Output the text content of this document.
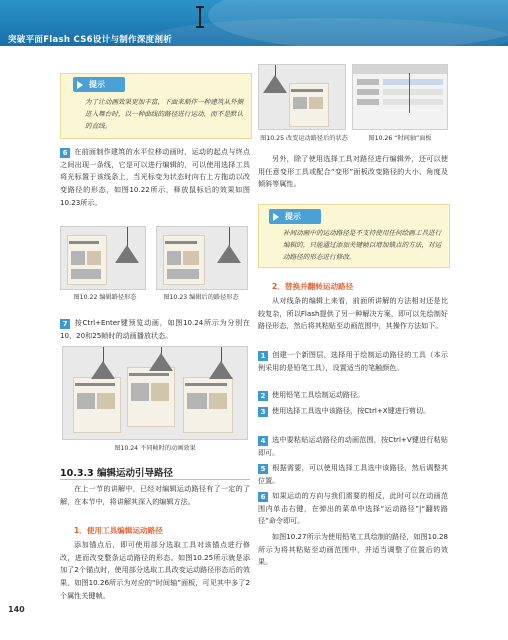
突破平面Flash CS6设计与制作深度剖析
提示
为了让动画效果更加丰富，下面来制作一种建筑从外侧进入舞台时，以一种曲线的路径进行运动，而不是默认的直线。
6 在前面制作建筑的水平位移动画时，运动的起点与终点之间出现一条线，它是可以进行编辑的，可以使用选择工具将光标置于该线条上，当光标变为状态时向右上方拖动以改变路径的形态，如图10.22所示，释放鼠标后的效果如图10.23所示。
图10.22 编辑路径形态	图10.23 编辑后的路径形态
7 按Ctrl+Enter键预览动画，如图10.24所示为分别在10、20和25帧时的动画播放状态。
图10.24 不同帧时的动画效果
10.3.3 编辑运动引导路径
在上一节的讲解中，已经对编辑运动路径有了一定的了解，在本节中，将讲解其深入的编辑方法。
1．使用工具编辑运动路径
添加锚点后，即可使用部分选取工具对该锚点进行修改，进而改变整条运动路径的形态。如图10.25所示就是添加了2个锚点时，使用部分选取工具改变运动路径形态后的效果，如图10.26所示为对应的“时间轴”面板，可见其中多了2个属性关键帧。
140
图10.25 改变运动路径后的状态	图10.26 “时间轴”面板
另外，除了使用选择工具对路径进行编辑外，还可以使用任意变形工具或配合“变形”面板改变路径的大小、角度及倾斜等属性。
提示
补间动画中的运动路径是不支持使用任何绘画工具进行编辑的，只能通过添加关键帧以增加锚点的方法，对运动路径的形态进行修改。
2．替换并翻转运动路径
从对线条的编辑上来看，前面所讲解的方法相对还是比较复杂，所以Flash提供了另一种解决方案，即可以先绘制好路径形态，然后将其粘贴至动画范围中，其操作方法如下。
1 创建一个新图层，选择用于绘制运动路径的工具（本示例采用的是铅笔工具），设置适当的笔触颜色。
2 使用铅笔工具绘制运动路径。
3 使用选择工具选中该路径，按Ctrl+X键进行剪切。
4 选中要粘贴运动路径的动画范围，按Ctrl+V键进行粘贴即可。
5 根据需要，可以使用选择工具选中该路径，然后调整其位置。
6 如果运动的方向与我们需要的相反，此时可以在动画范围内单击右键，在弹出的菜单中选择“运动路径”|“翻转路径”命令即可。
如图10.27所示为使用铅笔工具绘制的路径，如图10.28所示为将其粘贴至动画范围中，并适当调整了位置后的效果。
